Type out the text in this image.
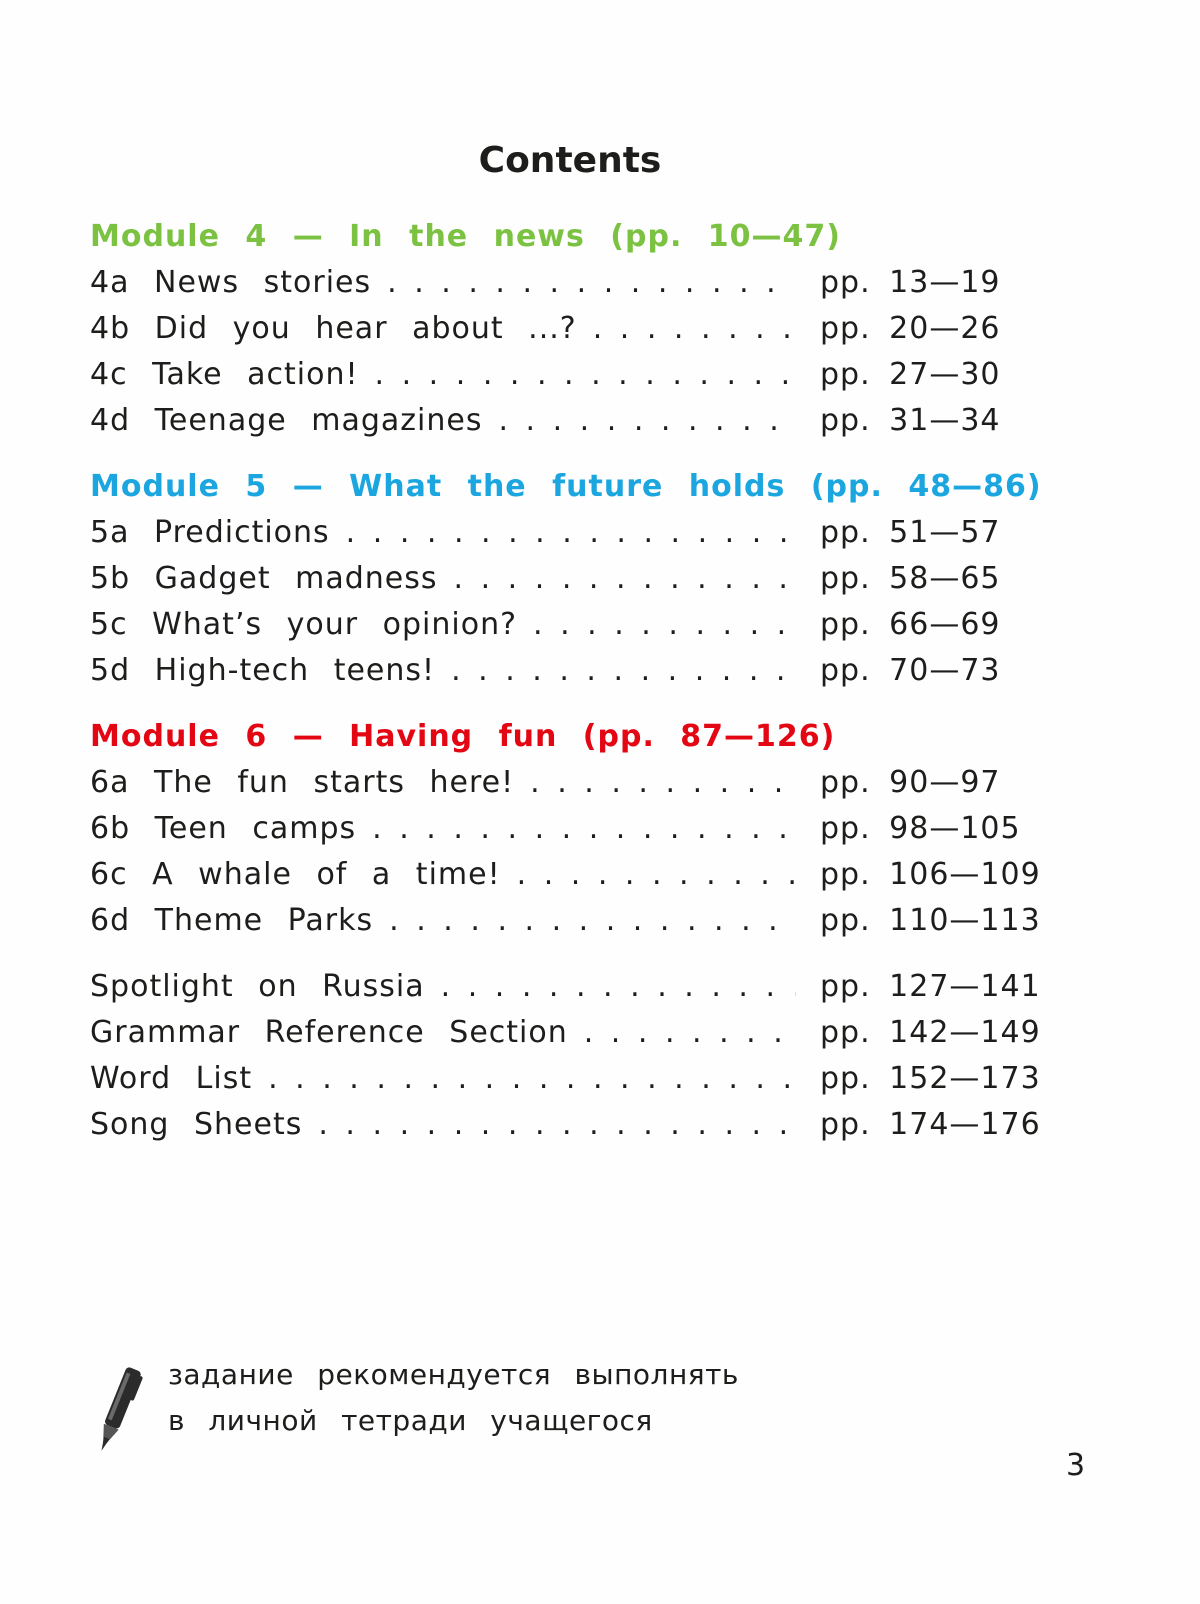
Contents
Module 4 — In the news (pp. 10—47)
4a News stories . . .	pp. 13—19
4b Did you hear about ...? . . .	pp. 20—26
4c Take action! . . .	pp. 27—30
4d Teenage magazines . . .	pp. 31—34
Module 5 — What the future holds (pp. 48—86)
5a Predictions . . .	pp. 51—57
5b Gadget madness . . .	pp. 58—65
5c What’s your opinion? . . .	pp. 66—69
5d High-tech teens! . . .	pp. 70—73
Module 6 — Having fun (pp. 87—126)
6a The fun starts here! . . .	pp. 90—97
6b Teen camps . . .	pp. 98—105
6c A whale of a time! . . .	pp. 106—109
6d Theme Parks . . .	pp. 110—113
Spotlight on Russia . . .	pp. 127—141
Grammar Reference Section . . .	pp. 142—149
Word List . . .	pp. 152—173
Song Sheets . . .	pp. 174—176
задание рекомендуется выполнять
в личной тетради учащегося
3
